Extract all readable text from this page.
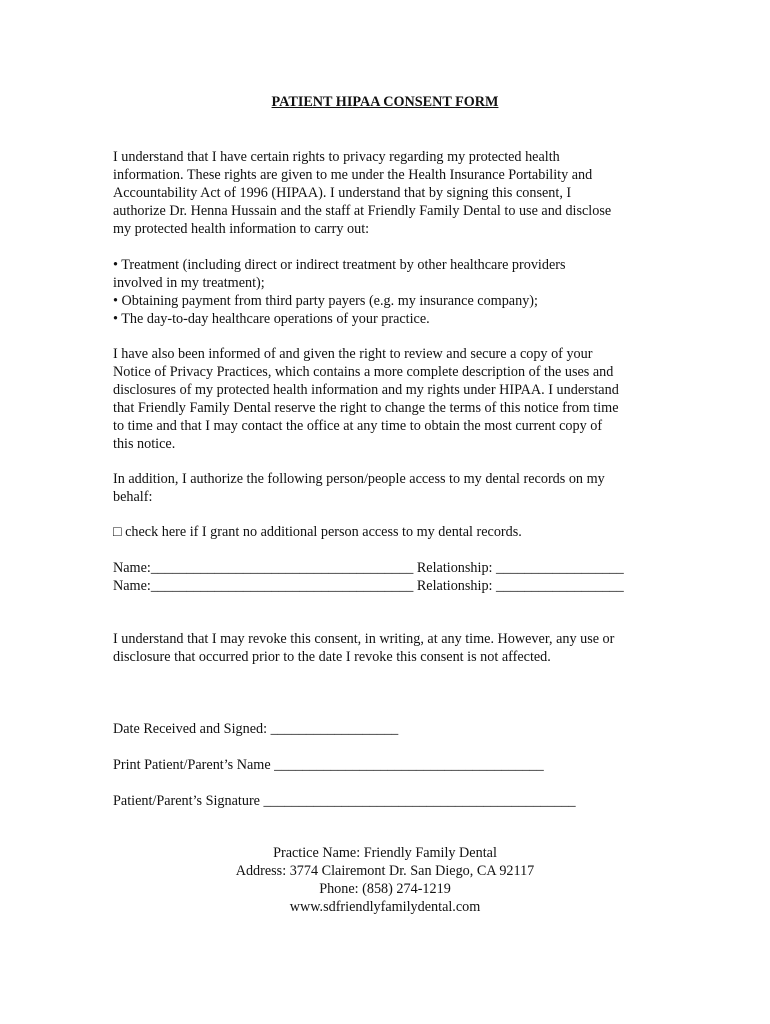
PATIENT HIPAA CONSENT FORM

I understand that I have certain rights to privacy regarding my protected health

information. These rights are given to me under the Health Insurance Portability and

Accountability Act of 1996 (HIPAA). I understand that by signing this consent, I

authorize Dr. Henna Hussain and the staff at Friendly Family Dental to use and disclose

my protected health information to carry out:

• Treatment (including direct or indirect treatment by other healthcare providers

involved in my treatment);

• Obtaining payment from third party payers (e.g. my insurance company);

• The day-to-day healthcare operations of your practice.

I have also been informed of and given the right to review and secure a copy of your

Notice of Privacy Practices, which contains a more complete description of the uses and

disclosures of my protected health information and my rights under HIPAA. I understand

that Friendly Family Dental reserve the right to change the terms of this notice from time

to time and that I may contact the office at any time to obtain the most current copy of

this notice.

In addition, I authorize the following person/people access to my dental records on my

behalf:

□ check here if I grant no additional person access to my dental records.

Name:_____________________________________ Relationship: __________________

Name:_____________________________________ Relationship: __________________

I understand that I may revoke this consent, in writing, at any time. However, any use or

disclosure that occurred prior to the date I revoke this consent is not affected.

Date Received and Signed: __________________

Print Patient/Parent’s Name ______________________________________

Patient/Parent’s Signature ____________________________________________

Practice Name: Friendly Family Dental

Address: 3774 Clairemont Dr. San Diego, CA 92117

Phone: (858) 274-1219

www.sdfriendlyfamilydental.com
